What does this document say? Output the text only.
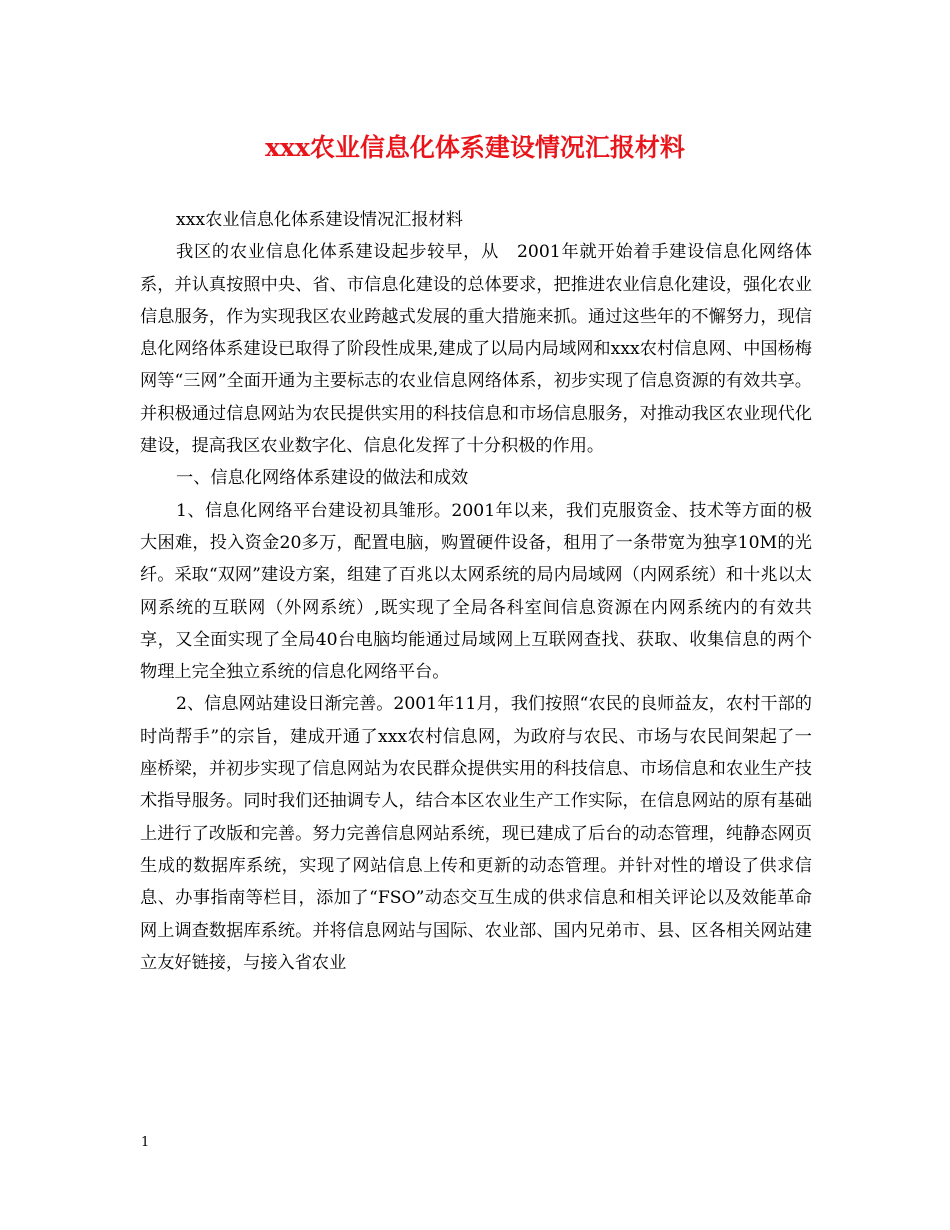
xxx农业信息化体系建设情况汇报材料

xxx农业信息化体系建设情况汇报材料

我区的农业信息化体系建设起步较早，从　2001年就开始着手建设信息化网络体系，并认真按照中央、省、市信息化建设的总体要求，把推进农业信息化建设，强化农业信息服务，作为实现我区农业跨越式发展的重大措施来抓。通过这些年的不懈努力，现信息化网络体系建设已取得了阶段性成果,建成了以局内局域网和xxx农村信息网、中国杨梅网等“三网”全面开通为主要标志的农业信息网络体系，初步实现了信息资源的有效共享。并积极通过信息网站为农民提供实用的科技信息和市场信息服务，对推动我区农业现代化建设，提高我区农业数字化、信息化发挥了十分积极的作用。

一、信息化网络体系建设的做法和成效

1、信息化网络平台建设初具雏形。2001年以来，我们克服资金、技术等方面的极大困难，投入资金20多万，配置电脑，购置硬件设备，租用了一条带宽为独享10M的光纤。采取“双网”建设方案，组建了百兆以太网系统的局内局域网（内网系统）和十兆以太网系统的互联网（外网系统）,既实现了全局各科室间信息资源在内网系统内的有效共享，又全面实现了全局40台电脑均能通过局域网上互联网查找、获取、收集信息的两个物理上完全独立系统的信息化网络平台。

2、信息网站建设日渐完善。2001年11月，我们按照“农民的良师益友，农村干部的时尚帮手”的宗旨，建成开通了xxx农村信息网，为政府与农民、市场与农民间架起了一座桥梁，并初步实现了信息网站为农民群众提供实用的科技信息、市场信息和农业生产技术指导服务。同时我们还抽调专人，结合本区农业生产工作实际，在信息网站的原有基础上进行了改版和完善。努力完善信息网站系统，现已建成了后台的动态管理，纯静态网页生成的数据库系统，实现了网站信息上传和更新的动态管理。并针对性的增设了供求信息、办事指南等栏目，添加了“FSO”动态交互生成的供求信息和相关评论以及效能革命网上调查数据库系统。并将信息网站与国际、农业部、国内兄弟市、县、区各相关网站建立友好链接，与接入省农业

1
